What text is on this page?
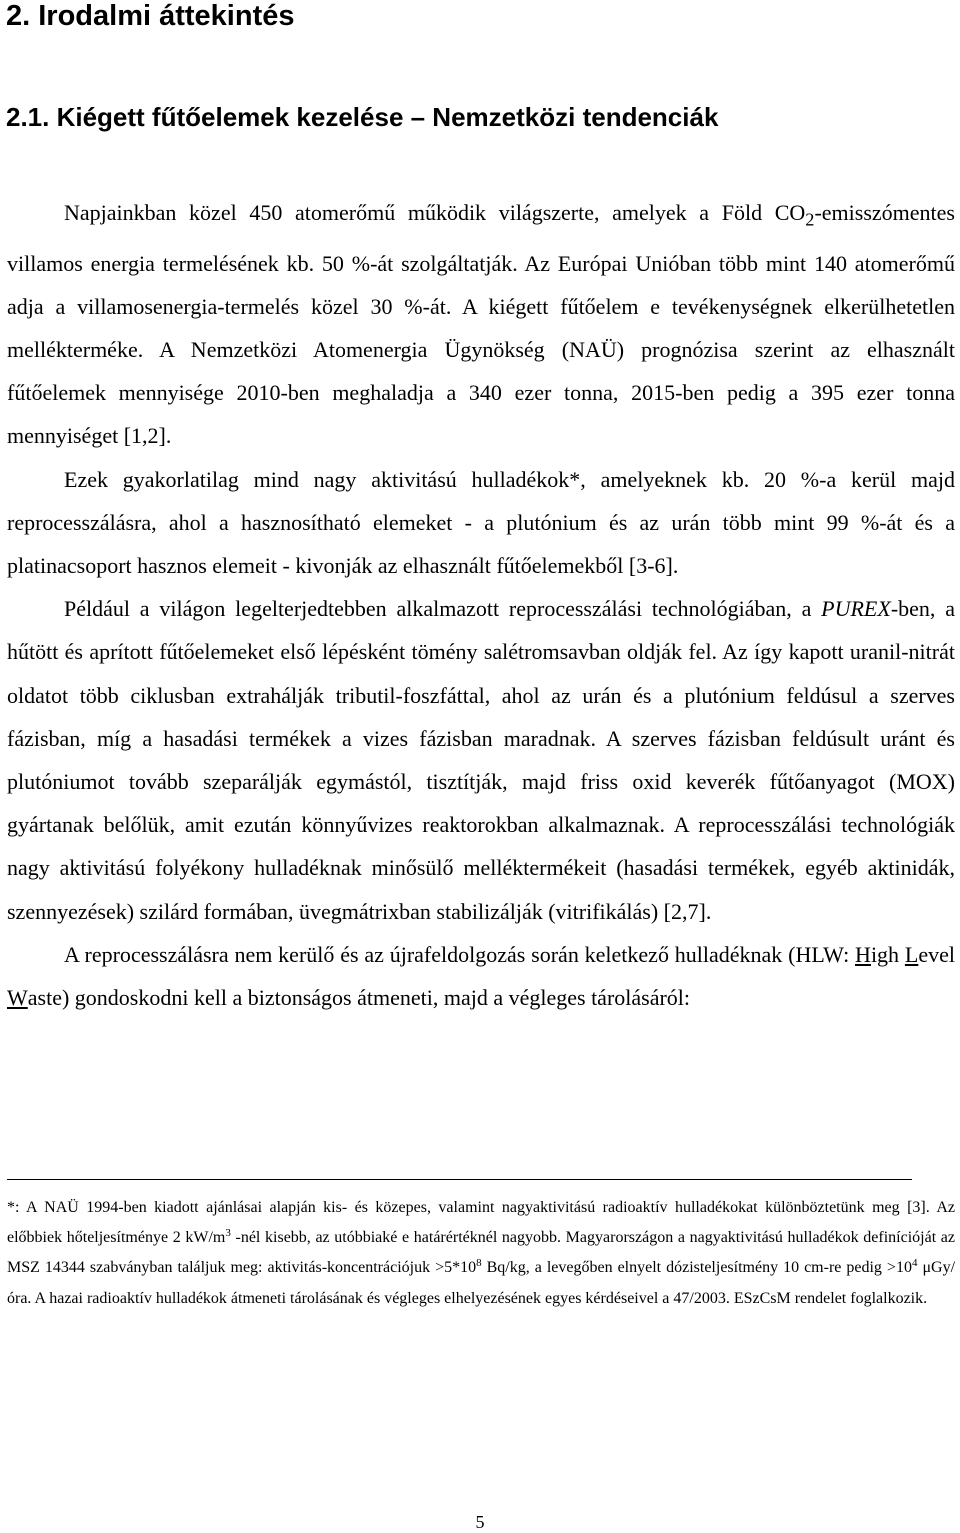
2. Irodalmi áttekintés
2.1. Kiégett fűtőelemek kezelése – Nemzetközi tendenciák

Napjainkban közel 450 atomerőmű működik világszerte, amelyek a Föld $CO_2$-emisszómentes villamos energia termelésének kb. 50 %-át szolgáltatják. Az Európai Unióban több mint 140 atomerőmű adja a villamosenergia-termelés közel 30 %-át. A kiégett fűtőelem e tevékenységnek elkerülhetetlen mellékterméke. A Nemzetközi Atomenergia Ügynökség (NAÜ) prognózisa szerint az elhasznált fűtőelemek mennyisége 2010-ben meghaladja a 340 ezer tonna, 2015-ben pedig a 395 ezer tonna mennyiséget [1,2].

Ezek gyakorlatilag mind nagy aktivitású hulladékok*, amelyeknek kb. 20 %-a kerül majd reprocesszálásra, ahol a hasznosítható elemeket - a plutónium és az urán több mint 99 %-át és a platinacsoport hasznos elemeit - kivonják az elhasznált fűtőelemekből [3-6].

Például a világon legelterjedtebben alkalmazott reprocesszálási technológiában, a PUREX-ben, a hűtött és aprított fűtőelemeket első lépésként tömény salétromsavban oldják fel. Az így kapott uranil-nitrát oldatot több ciklusban extrahálják tributil-foszfáttal, ahol az urán és a plutónium feldúsul a szerves fázisban, míg a hasadási termékek a vizes fázisban maradnak. A szerves fázisban feldúsult uránt és plutóniumot tovább szeparálják egymástól, tisztítják, majd friss oxid keverék fűtőanyagot (MOX) gyártanak belőlük, amit ezután könnyűvizes reaktorokban alkalmaznak. A reprocesszálási technológiák nagy aktivitású folyékony hulladéknak minősülő melléktermékeit (hasadási termékek, egyéb aktinidák, szennyezések) szilárd formában, üvegmátrixban stabilizálják (vitrifikálás) [2,7].

A reprocesszálásra nem kerülő és az újrafeldolgozás során keletkező hulladéknak (HLW: High Level Waste) gondoskodni kell a biztonságos átmeneti, majd a végleges tárolásáról:

*: A NAÜ 1994-ben kiadott ajánlásai alapján kis- és közepes, valamint nagyaktivitású radioaktív hulladékokat különböztetünk meg [3]. Az előbbiek hőteljesítménye 2 $kW/m^3$ -nél kisebb, az utóbbiaké e határértéknél nagyobb. Magyarországon a nagyaktivitású hulladékok definícióját az MSZ 14344 szabványban találjuk meg: aktivitás-koncentrációjuk $>5*10^8$ Bq/kg, a levegőben elnyelt dózisteljesítmény 10 cm-re pedig $>10^4$ μGy/óra. A hazai radioaktív hulladékok átmeneti tárolásának és végleges elhelyezésének egyes kérdéseivel a 47/2003. ESzCsM rendelet foglalkozik.
5
